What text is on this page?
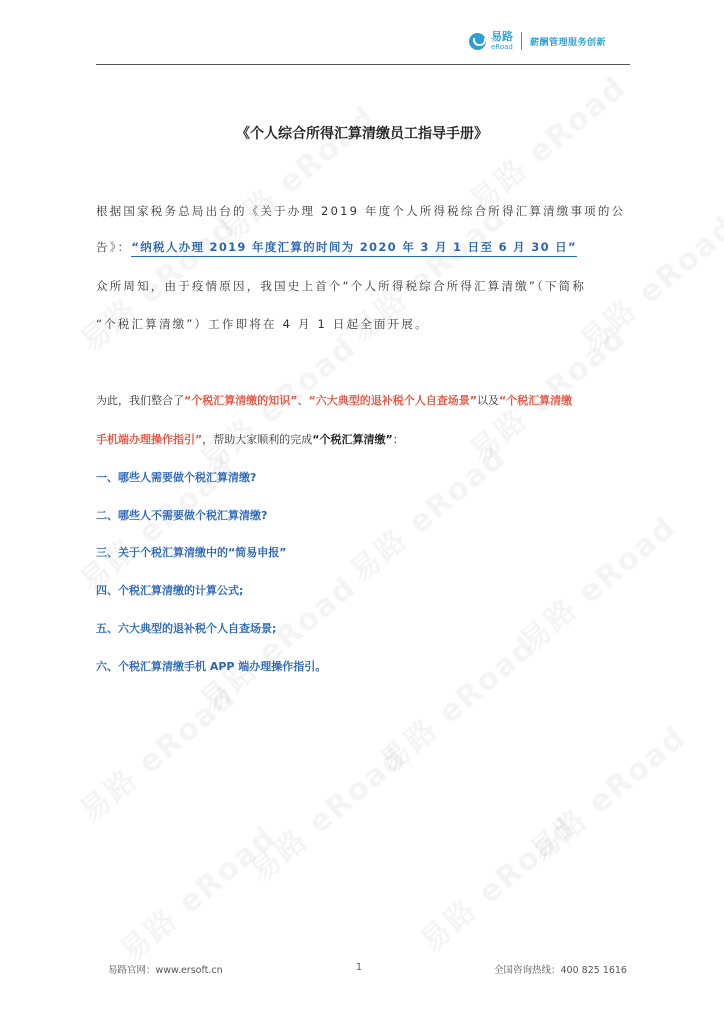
易路
eRoad 薪酬管理服务创新
《个人综合所得汇算清缴员工指导手册》
根据国家税务总局出台的《关于办理 2019 年度个人所得税综合所得汇算清缴事项的公
告》：“纳税人办理 2019 年度汇算的时间为 2020 年 3 月 1 日至 6 月 30 日”
众所周知，由于疫情原因，我国史上首个“个人所得税综合所得汇算清缴”（下简称
“个税汇算清缴”）工作即将在 4 月 1 日起全面开展。
为此，我们整合了“个税汇算清缴的知识”、“六大典型的退补税个人自查场景”以及“个税汇算清缴
手机端办理操作指引”，帮助大家顺利的完成“个税汇算清缴”：
一、哪些人需要做个税汇算清缴?
二、哪些人不需要做个税汇算清缴?
三、关于个税汇算清缴中的“简易申报”
四、个税汇算清缴的计算公式;
五、六大典型的退补税个人自查场景;
六、个税汇算清缴手机 APP 端办理操作指引。
易路官网：www.ersoft.cn	1	全国咨询热线：400 825 1616
